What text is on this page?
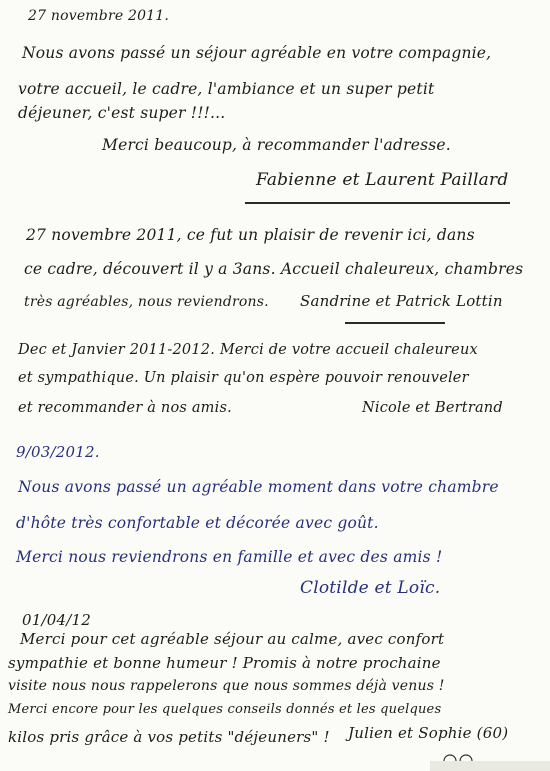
27 novembre 2011.
Nous avons passé un séjour agréable en votre compagnie,
votre accueil, le cadre, l'ambiance et un super petit
déjeuner, c'est super !!!...
Merci beaucoup, à recommander l'adresse.
Fabienne et Laurent Paillard
27 novembre 2011, ce fut un plaisir de revenir ici, dans
ce cadre, découvert il y a 3ans. Accueil chaleureux, chambres
très agréables, nous reviendrons. Sandrine et Patrick Lottin
Dec et Janvier 2011-2012. Merci de votre accueil chaleureux
et sympathique. Un plaisir qu'on espère pouvoir renouveler
et recommander à nos amis.	Nicole et Bertrand
9/03/2012.
Nous avons passé un agréable moment dans votre chambre
d'hôte très confortable et décorée avec goût.
Merci nous reviendrons en famille et avec des amis !
Clotilde et Loïc.
01/04/12
Merci pour cet agréable séjour au calme, avec confort
sympathie et bonne humeur ! Promis à notre prochaine
visite nous nous rappelerons que nous sommes déjà venus !
Merci encore pour les quelques conseils donnés et les quelques
kilos pris grâce à vos petits "déjeuners" ! Julien et Sophie (60)
